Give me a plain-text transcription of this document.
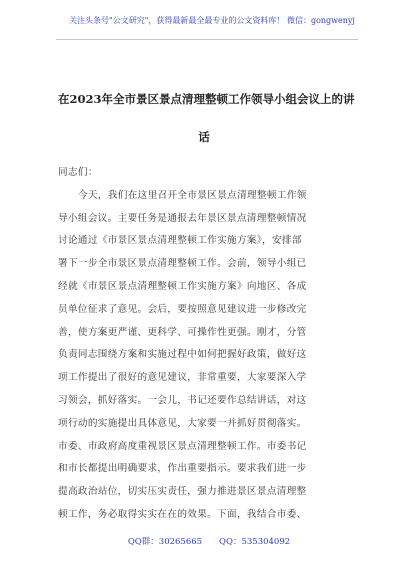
关注头条号"公文研究"，获得最新最全最专业的公文资料库！ 微信：gongwenyj
在2023年全市景区景点清理整顿工作领导小组会议上的讲
话
同志们：
今天，我们在这里召开全市景区景点清理整顿工作领
导小组会议。主要任务是通报去年景区景点清理整顿情况
讨论通过《市景区景点清理整顿工作实施方案》，安排部
署下一步全市景区景点清理整顿工作。会前，领导小组已
经就《市景区景点清理整顿工作实施方案》向地区、各成
员单位征求了意见。会后，要按照意见建议进一步修改完
善，使方案更严谨、更科学、可操作性更强。刚才，分管
负责同志围绕方案和实施过程中如何把握好政策，做好这
项工作提出了很好的意见建议，非常重要，大家要深入学
习领会，抓好落实。一会儿，书记还要作总结讲话，对这
项行动的实施提出具体意见，大家要一并抓好贯彻落实。
市委、市政府高度重视景区景点清理整顿工作。市委书记
和市长都提出明确要求，作出重要指示。要求我们进一步
提高政治站位，切实压实责任，强力推进景区景点清理整
顿工作，务必取得实实在在的效果。下面，我结合市委、
QQ群：30265665　　QQ：535304092
